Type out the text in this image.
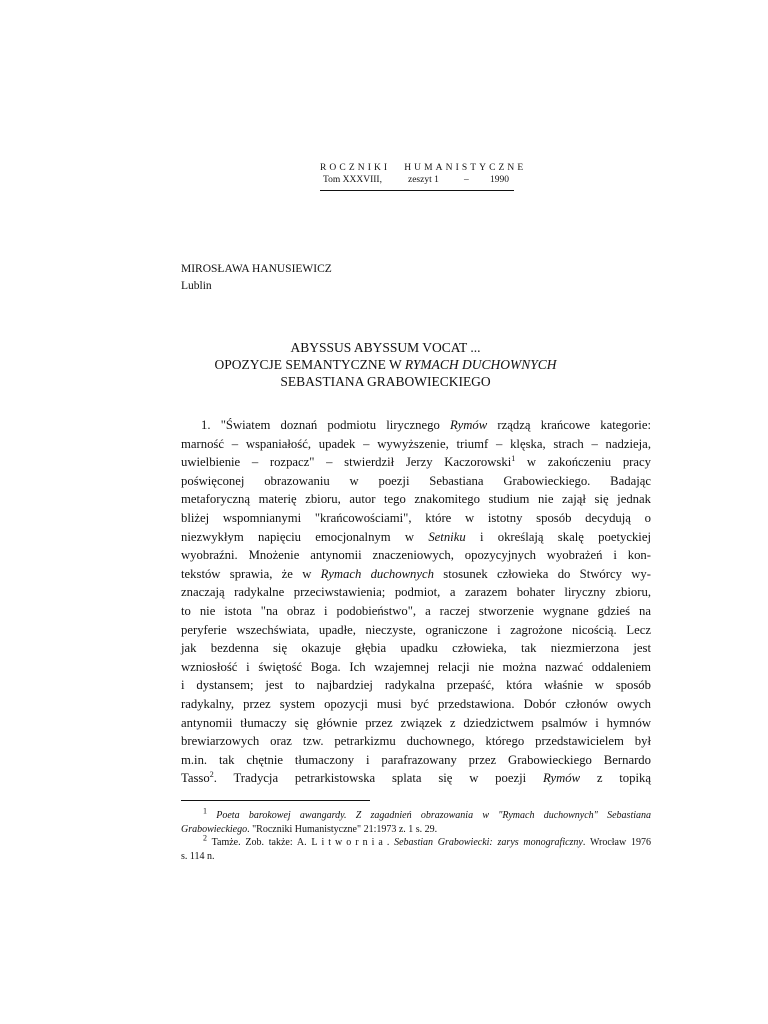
ROCZNIKI HUMANISTYCZNE
Tom XXXVIII,	zeszyt 1	– 1990
MIROSŁAWA HANUSIEWICZ
Lublin
ABYSSUS ABYSSUM VOCAT ...
OPOZYCJE SEMANTYCZNE W RYMACH DUCHOWNYCH
SEBASTIANA GRABOWIECKIEGO
1. "Światem doznań podmiotu lirycznego Rymów rządzą krańcowe kategorie:
marność – wspaniałość, upadek – wywyższenie, triumf – klęska, strach – nadzieja,
uwielbienie – rozpacz" – stwierdził Jerzy Kaczorowski$^1$ w zakończeniu pracy
poświęconej obrazowaniu w poezji Sebastiana Grabowieckiego. Badając
metaforyczną materię zbioru, autor tego znakomitego studium nie zajął się jednak
bliżej wspomnianymi "krańcowościami", które w istotny sposób decydują o
niezwykłym napięciu emocjonalnym w Setniku i określają skalę poetyckiej
wyobraźni. Mnożenie antynomii znaczeniowych, opozycyjnych wyobrażeń i kon-
tekstów sprawia, że w Rymach duchownych stosunek człowieka do Stwórcy wy-
znaczają radykalne przeciwstawienia; podmiot, a zarazem bohater liryczny zbioru,
to nie istota "na obraz i podobieństwo", a raczej stworzenie wygnane gdzieś na
peryferie wszechświata, upadłe, nieczyste, ograniczone i zagrożone nicością. Lecz
jak bezdenna się okazuje głębia upadku człowieka, tak niezmierzona jest
wzniosłość i świętość Boga. Ich wzajemnej relacji nie można nazwać oddaleniem
i dystansem; jest to najbardziej radykalna przepaść, która właśnie w sposób
radykalny, przez system opozycji musi być przedstawiona. Dobór członów owych
antynomii tłumaczy się głównie przez związek z dziedzictwem psalmów i hymnów
brewiarzowych oraz tzw. petrarkizmu duchownego, którego przedstawicielem był
m.in. tak chętnie tłumaczony i parafrazowany przez Grabowieckiego Bernardo
Tasso$^2$. Tradycja petrarkistowska splata się w poezji Rymów z topiką
$^1$ Poeta barokowej awangardy. Z zagadnień obrazowania w "Rymach duchownych" Sebastiana
Grabowieckiego. "Roczniki Humanistyczne" 21:1973 z. 1 s. 29.
$^2$ Tamże. Zob. także: A. Litwornia. Sebastian Grabowiecki: zarys monograficzny. Wrocław 1976
s. 114 n.
